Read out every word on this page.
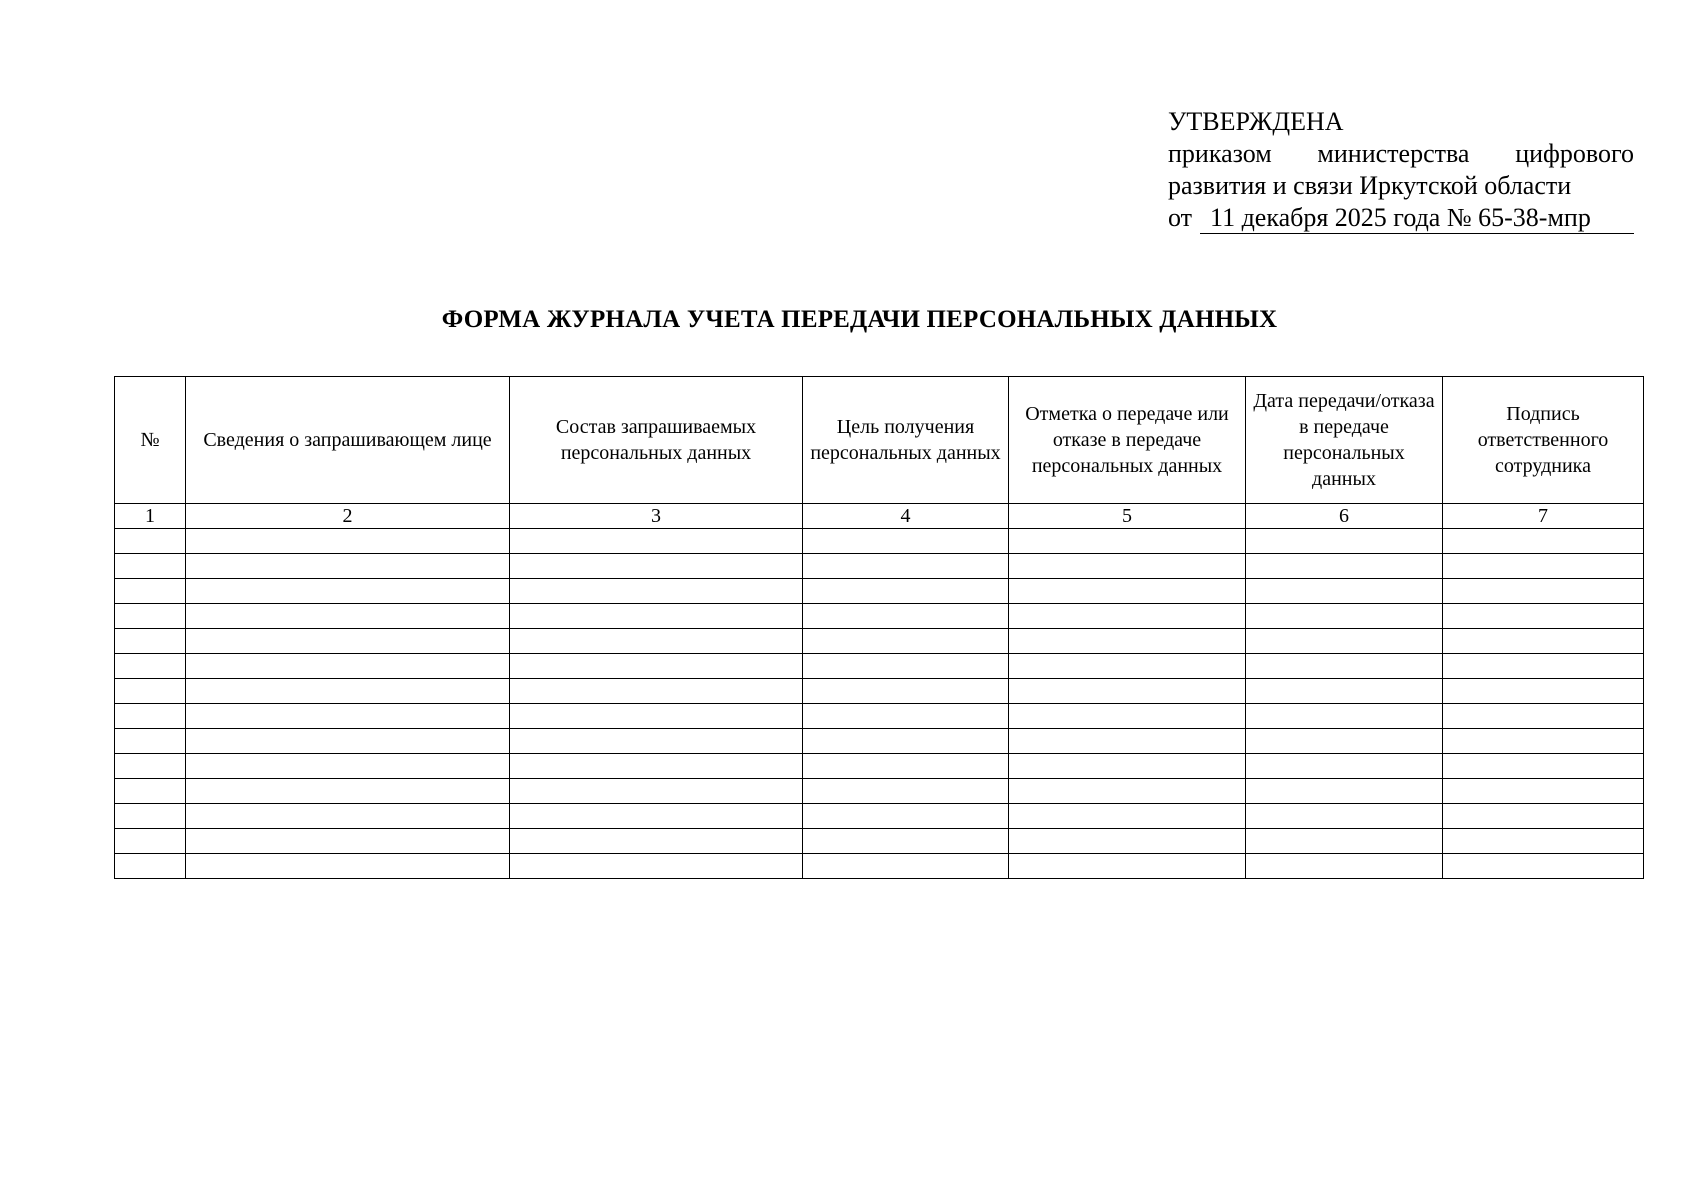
УТВЕРЖДЕНА
приказом министерства цифрового
развития и связи Иркутской области
от 11 декабря 2025 года № 65-38-мпр
ФОРМА ЖУРНАЛА УЧЕТА ПЕРЕДАЧИ ПЕРСОНАЛЬНЫХ ДАННЫХ
№	Сведения о запрашивающем лице	Состав запрашиваемых персональных данных	Цель получения персональных данных	Отметка о передаче или отказе в передаче персональных данных	Дата передачи/отказа в передаче персональных данных	Подпись ответственного сотрудника
1	2	3	4	5	6	7
